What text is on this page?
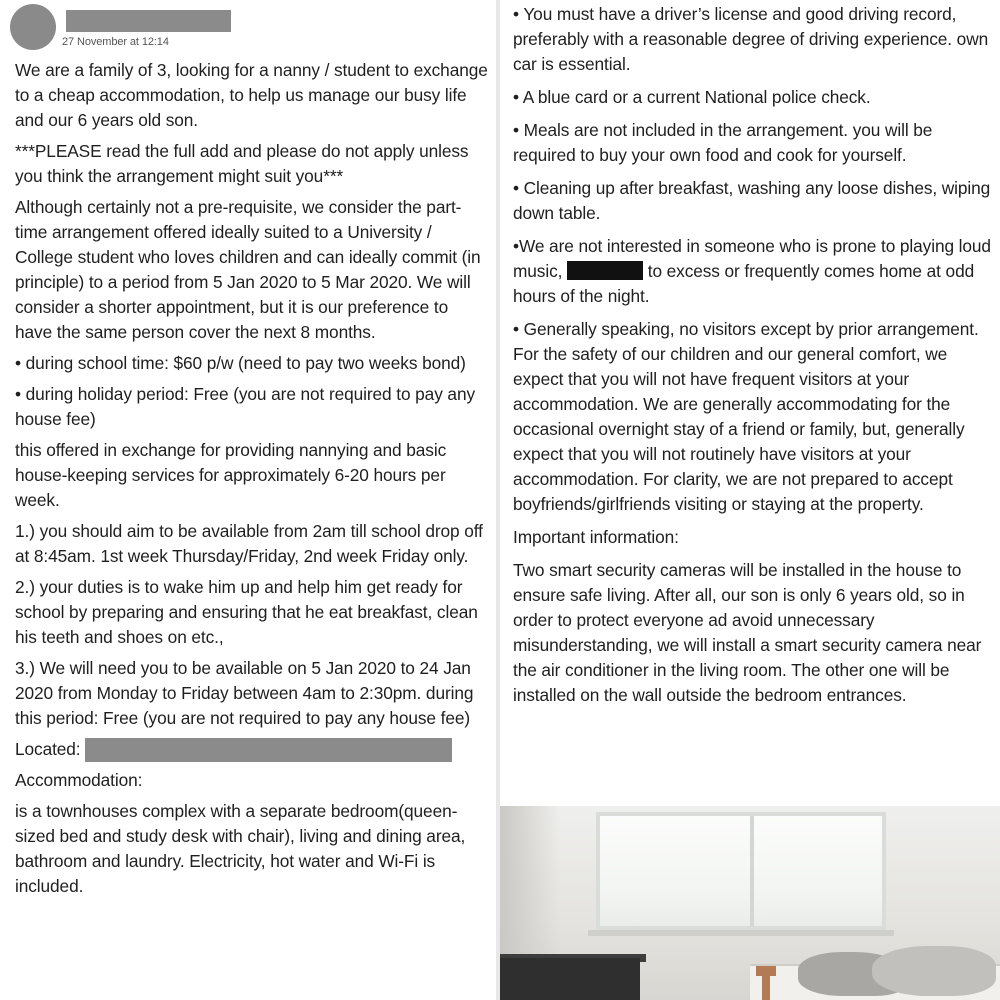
27 November at 12:14

We are a family of 3, looking for a nanny / student to exchange to a cheap accommodation, to help us manage our busy life and our 6 years old son.

***PLEASE read the full add and please do not apply unless you think the arrangement might suit you***

Although certainly not a pre-requisite, we consider the part-time arrangement offered ideally suited to a University / College student who loves children and can ideally commit (in principle) to a period from 5 Jan 2020 to 5 Mar 2020. We will consider a shorter appointment, but it is our preference to have the same person cover the next 8 months.

• during school time: $60 p/w (need to pay two weeks bond)

• during holiday period: Free (you are not required to pay any house fee)

this offered in exchange for providing nannying and basic house-keeping services for approximately 6-20 hours per week.

1.) you should aim to be available from 2am till school drop off at 8:45am. 1st week Thursday/Friday, 2nd week Friday only.

2.) your duties is to wake him up and help him get ready for school by preparing and ensuring that he eat breakfast, clean his teeth and shoes on etc.,

3.) We will need you to be available on 5 Jan 2020 to 24 Jan 2020 from Monday to Friday between 4am to 2:30pm. during this period: Free (you are not required to pay any house fee)

Located:

Accommodation:

is a townhouses complex with a separate bedroom(queen-sized bed and study desk with chair), living and dining area, bathroom and laundry. Electricity, hot water and Wi-Fi is included.

• You must have a driver’s license and good driving record, preferably with a reasonable degree of driving experience. own car is essential.

• A blue card or a current National police check.

• Meals are not included in the arrangement. you will be required to buy your own food and cook for yourself.

• Cleaning up after breakfast, washing any loose dishes, wiping down table.

•We are not interested in someone who is prone to playing loud music,	to excess or frequently comes home at odd hours of the night.

• Generally speaking, no visitors except by prior arrangement. For the safety of our children and our general comfort, we expect that you will not have frequent visitors at your accommodation. We are generally accommodating for the occasional overnight stay of a friend or family, but, generally expect that you will not routinely have visitors at your accommodation. For clarity, we are not prepared to accept boyfriends/girlfriends visiting or staying at the property.

Important information:

Two smart security cameras will be installed in the house to ensure safe living. After all, our son is only 6 years old, so in order to protect everyone ad avoid unnecessary misunderstanding, we will install a smart security camera near the air conditioner in the living room. The other one will be installed on the wall outside the bedroom entrances.
